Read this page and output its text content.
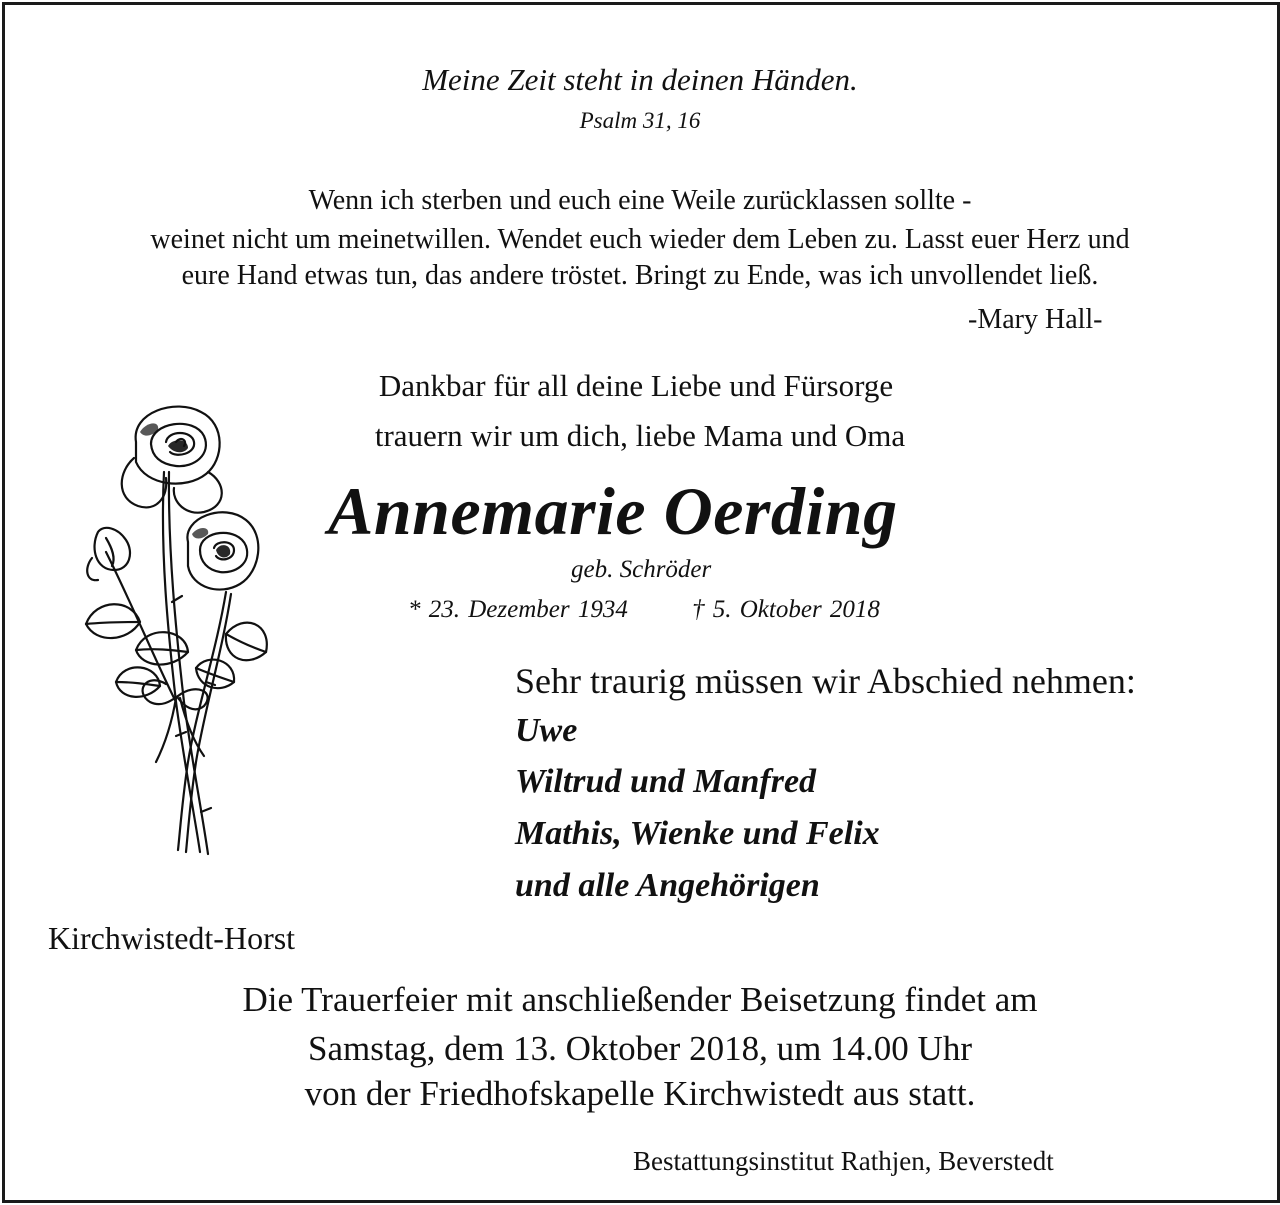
Meine Zeit steht in deinen Händen.
Psalm 31, 16
Wenn ich sterben und euch eine Weile zurücklassen sollte -
weinet nicht um meinetwillen. Wendet euch wieder dem Leben zu. Lasst euer Herz und
eure Hand etwas tun, das andere tröstet. Bringt zu Ende, was ich unvollendet ließ.
-Mary Hall-
Dankbar für all deine Liebe und Fürsorge
trauern wir um dich, liebe Mama und Oma
Annemarie Oerding
geb. Schröder
* 23. Dezember 1934	† 5. Oktober 2018
Sehr traurig müssen wir Abschied nehmen:
Uwe
Wiltrud und Manfred
Mathis, Wienke und Felix
und alle Angehörigen
Kirchwistedt-Horst
Die Trauerfeier mit anschließender Beisetzung findet am
Samstag, dem 13. Oktober 2018, um 14.00 Uhr
von der Friedhofskapelle Kirchwistedt aus statt.
Bestattungsinstitut Rathjen, Beverstedt
